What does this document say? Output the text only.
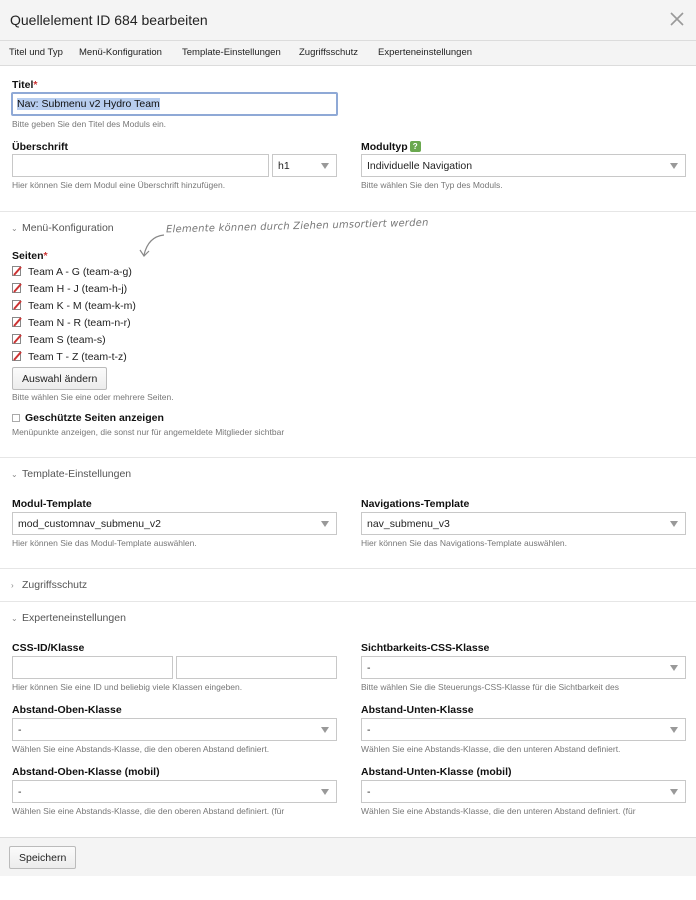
Quellelement ID 684 bearbeiten
Titel und Typ Menü-Konfiguration Template-Einstellungen Zugriffsschutz Experteneinstellungen
Titel*
Nav: Submenu v2 Hydro Team
Bitte geben Sie den Titel des Moduls ein.
Überschrift
h1
Hier können Sie dem Modul eine Überschrift hinzufügen.
Modultyp ?
Individuelle Navigation
Bitte wählen Sie den Typ des Moduls.
⌄ Menü-Konfiguration	Elemente können durch Ziehen umsortiert werden
Seiten*
Team A - G (team-a-g)
Team H - J (team-h-j)
Team K - M (team-k-m)
Team N - R (team-n-r)
Team S (team-s)
Team T - Z (team-t-z)
Auswahl ändern
Bitte wählen Sie eine oder mehrere Seiten.
Geschützte Seiten anzeigen
Menüpunkte anzeigen, die sonst nur für angemeldete Mitglieder sichtbar
⌄ Template-Einstellungen
Modul-Template
mod_customnav_submenu_v2
Hier können Sie das Modul-Template auswählen.
Navigations-Template
nav_submenu_v3
Hier können Sie das Navigations-Template auswählen.
› Zugriffsschutz
⌄ Experteneinstellungen
CSS-ID/Klasse
Hier können Sie eine ID und beliebig viele Klassen eingeben.
Sichtbarkeits-CSS-Klasse
-
Bitte wählen Sie die Steuerungs-CSS-Klasse für die Sichtbarkeit des
Abstand-Oben-Klasse
-
Wählen Sie eine Abstands-Klasse, die den oberen Abstand definiert.
Abstand-Unten-Klasse
-
Wählen Sie eine Abstands-Klasse, die den unteren Abstand definiert.
Abstand-Oben-Klasse (mobil)
-
Wählen Sie eine Abstands-Klasse, die den oberen Abstand definiert. (für
Abstand-Unten-Klasse (mobil)
-
Wählen Sie eine Abstands-Klasse, die den unteren Abstand definiert. (für
Speichern
